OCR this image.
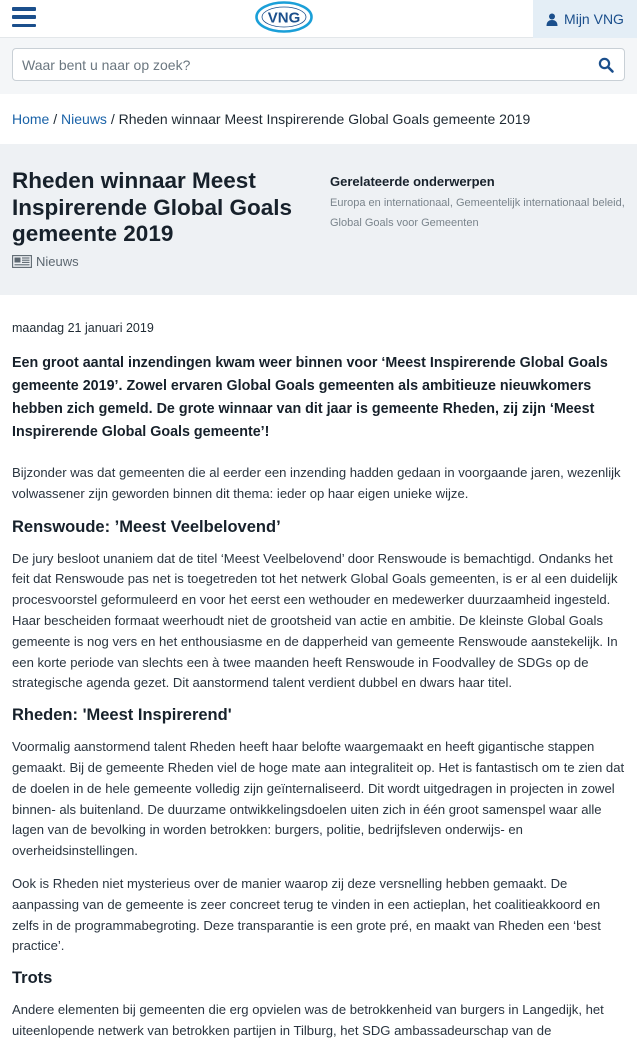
VNG	Mijn VNG
Waar bent u naar op zoek?
Home / Nieuws / Rheden winnaar Meest Inspirerende Global Goals gemeente 2019
Rheden winnaar Meest Inspirerende Global Goals gemeente 2019
Nieuws
Gerelateerde onderwerpen

Europa en internationaal, Gemeentelijk internationaal beleid, Global Goals voor Gemeenten

maandag 21 januari 2019

Een groot aantal inzendingen kwam weer binnen voor ‘Meest Inspirerende Global Goals gemeente 2019’. Zowel ervaren Global Goals gemeenten als ambitieuze nieuwkomers hebben zich gemeld. De grote winnaar van dit jaar is gemeente Rheden, zij zijn ‘Meest Inspirerende Global Goals gemeente’!

Bijzonder was dat gemeenten die al eerder een inzending hadden gedaan in voorgaande jaren, wezenlijk volwassener zijn geworden binnen dit thema: ieder op haar eigen unieke wijze.

Renswoude: ’Meest Veelbelovend’

De jury besloot unaniem dat de titel ‘Meest Veelbelovend’ door Renswoude is bemachtigd. Ondanks het feit dat Renswoude pas net is toegetreden tot het netwerk Global Goals gemeenten, is er al een duidelijk procesvoorstel geformuleerd en voor het eerst een wethouder en medewerker duurzaamheid ingesteld. Haar bescheiden formaat weerhoudt niet de grootsheid van actie en ambitie. De kleinste Global Goals gemeente is nog vers en het enthousiasme en de dapperheid van gemeente Renswoude aanstekelijk. In een korte periode van slechts een à twee maanden heeft Renswoude in Foodvalley de SDGs op de strategische agenda gezet. Dit aanstormend talent verdient dubbel en dwars haar titel.

Rheden: 'Meest Inspirerend'

Voormalig aanstormend talent Rheden heeft haar belofte waargemaakt en heeft gigantische stappen gemaakt. Bij de gemeente Rheden viel de hoge mate aan integraliteit op. Het is fantastisch om te zien dat de doelen in de hele gemeente volledig zijn geïnternaliseerd. Dit wordt uitgedragen in projecten in zowel binnen- als buitenland. De duurzame ontwikkelingsdoelen uiten zich in één groot samenspel waar alle lagen van de bevolking in worden betrokken: burgers, politie, bedrijfsleven onderwijs- en overheidsinstellingen.

Ook is Rheden niet mysterieus over de manier waarop zij deze versnelling hebben gemaakt. De aanpassing van de gemeente is zeer concreet terug te vinden in een actieplan, het coalitieakkoord en zelfs in de programmabegroting. Deze transparantie is een grote pré, en maakt van Rheden een ‘best practice’.

Trots

Andere elementen bij gemeenten die erg opvielen was de betrokkenheid van burgers in Langedijk, het uiteenlopende netwerk van betrokken partijen in Tilburg, het SDG ambassadeurschap van de
